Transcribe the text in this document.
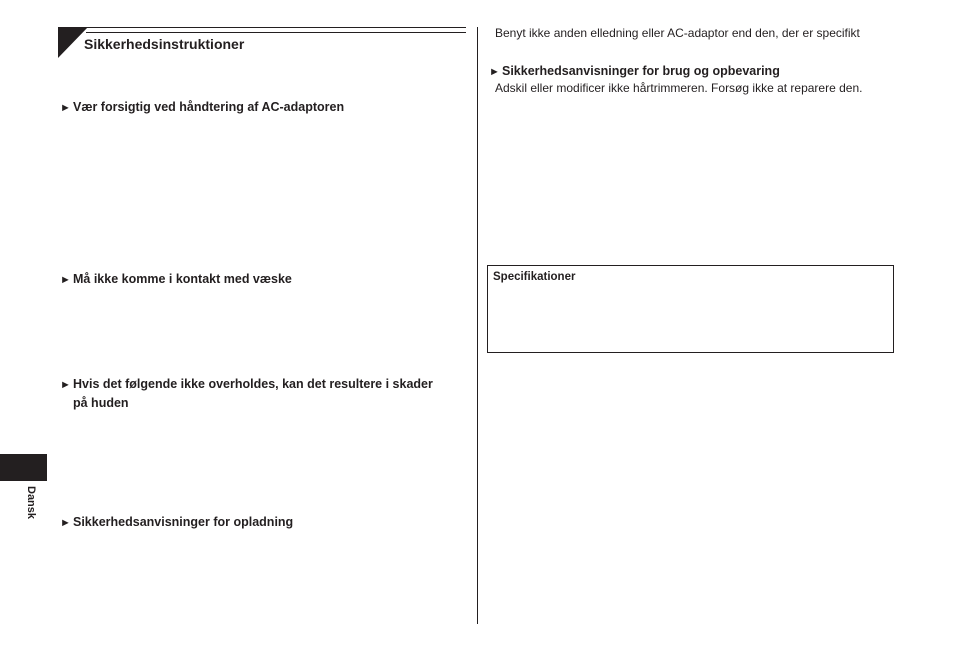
Sikkerhedsinstruktioner
► Vær forsigtig ved håndtering af AC-adaptoren
► Må ikke komme i kontakt med væske
► Hvis det følgende ikke overholdes, kan det resultere i skader
på huden
► Sikkerhedsanvisninger for opladning
Benyt ikke anden elledning eller AC-adaptor end den, der er specifikt
► Sikkerhedsanvisninger for brug og opbevaring
Adskil eller modificer ikke hårtrimmeren. Forsøg ikke at reparere den.
Specifikationer
Dansk
